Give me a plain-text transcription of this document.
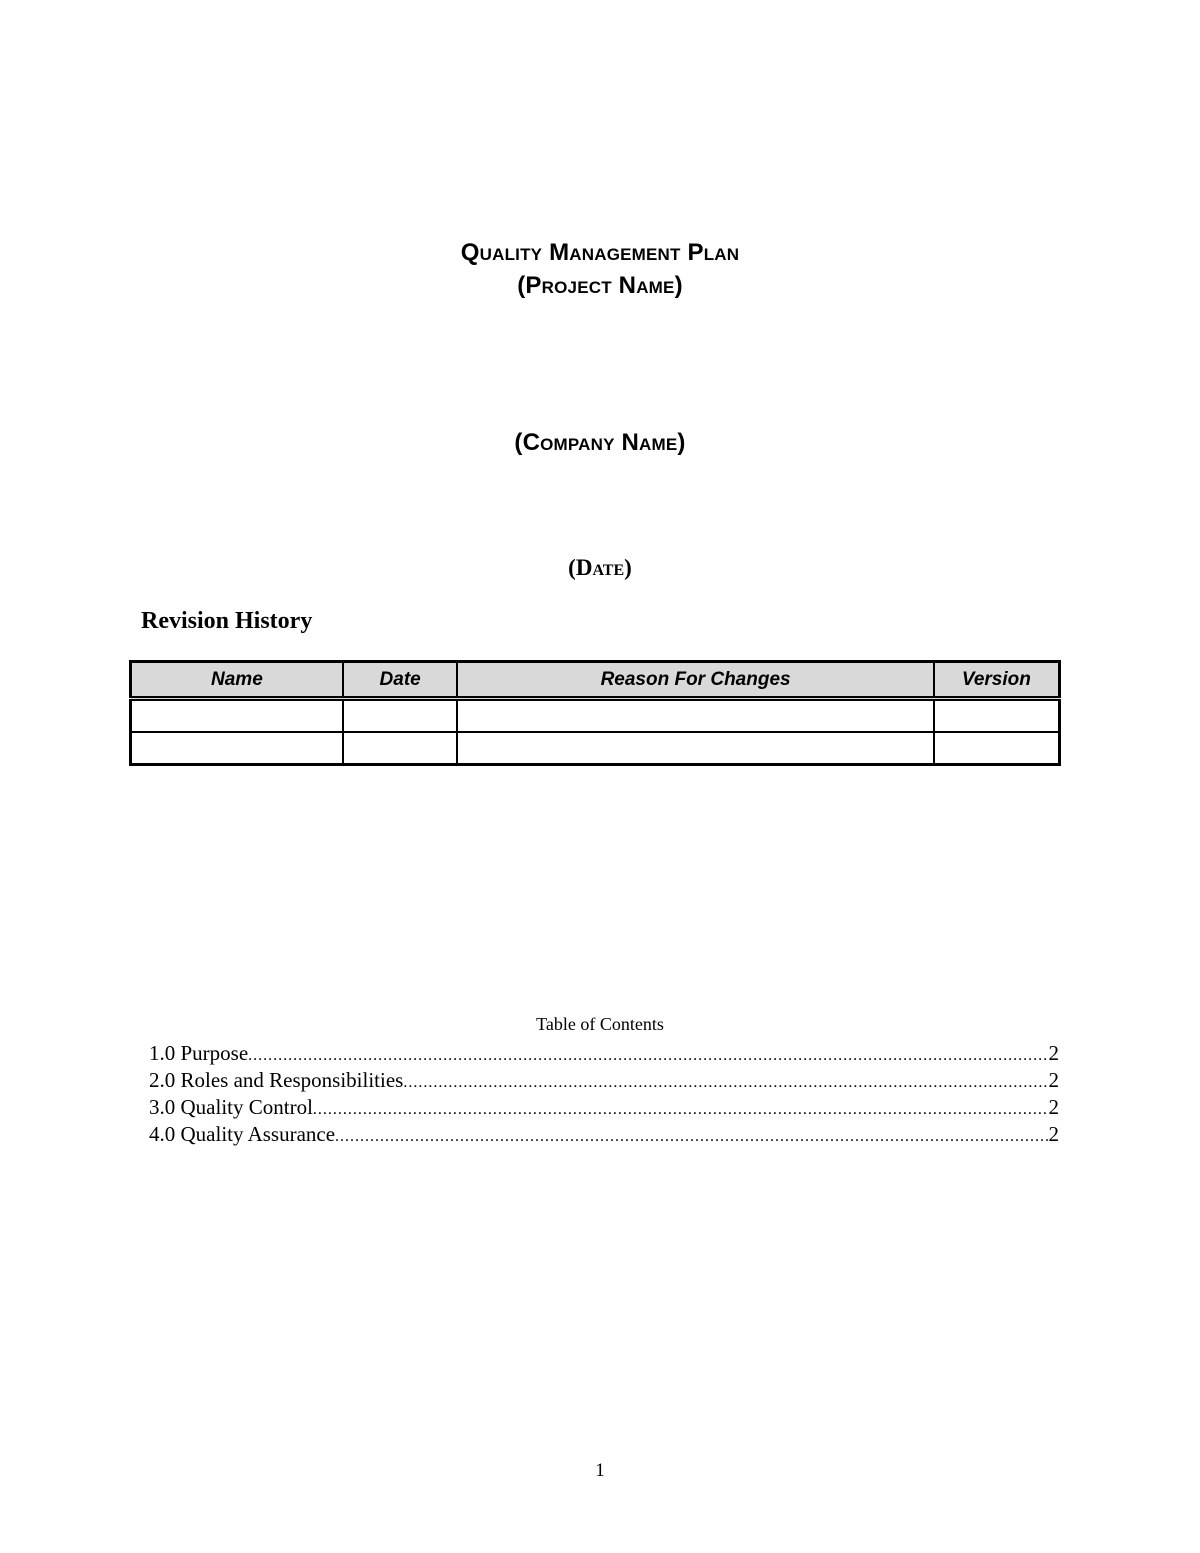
Quality Management Plan
(Project Name)
(Company Name)
(Date)
Revision History
Name	Date	Reason For Changes	Version

Table of Contents
1.0 Purpose .....	2
2.0 Roles and Responsibilities .....	2
3.0 Quality Control .....	2
4.0 Quality Assurance .....	2
1
